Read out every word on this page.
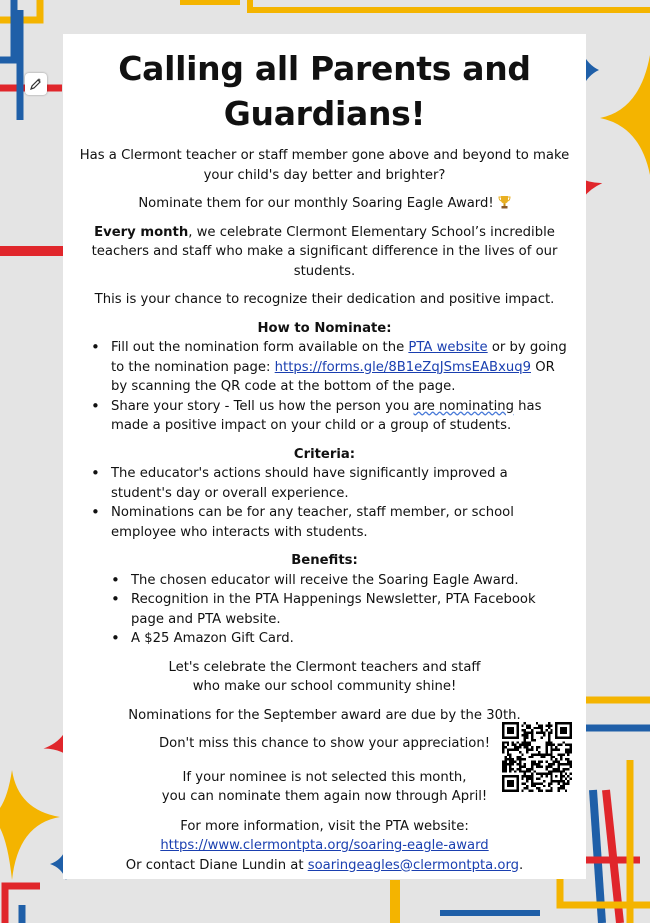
Calling all Parents and Guardians!

Has a Clermont teacher or staff member gone above and beyond to make your child's day better and brighter?

Nominate them for our monthly Soaring Eagle Award!

Every month, we celebrate Clermont Elementary School’s incredible teachers and staff who make a significant difference in the lives of our students.

This is your chance to recognize their dedication and positive impact.

How to Nominate:
• Fill out the nomination form available on the PTA website or by going to the nomination page: https://forms.gle/8B1eZqJSmsEABxuq9 OR by scanning the QR code at the bottom of the page.
• Share your story - Tell us how the person you are nominating has made a positive impact on your child or a group of students.
Criteria:
• The educator's actions should have significantly improved a student's day or overall experience.
• Nominations can be for any teacher, staff member, or school employee who interacts with students.
Benefits:
• The chosen educator will receive the Soaring Eagle Award.
• Recognition in the PTA Happenings Newsletter, PTA Facebook page and PTA website.
• A $25 Amazon Gift Card.

Let's celebrate the Clermont teachers and staff

who make our school community shine!

Nominations for the September award are due by the 30th.

Don't miss this chance to show your appreciation!

If your nominee is not selected this month,

you can nominate them again now through April!

For more information, visit the PTA website:

https://www.clermontpta.org/soaring-eagle-award

Or contact Diane Lundin at soaringeagles@clermontpta.org.
